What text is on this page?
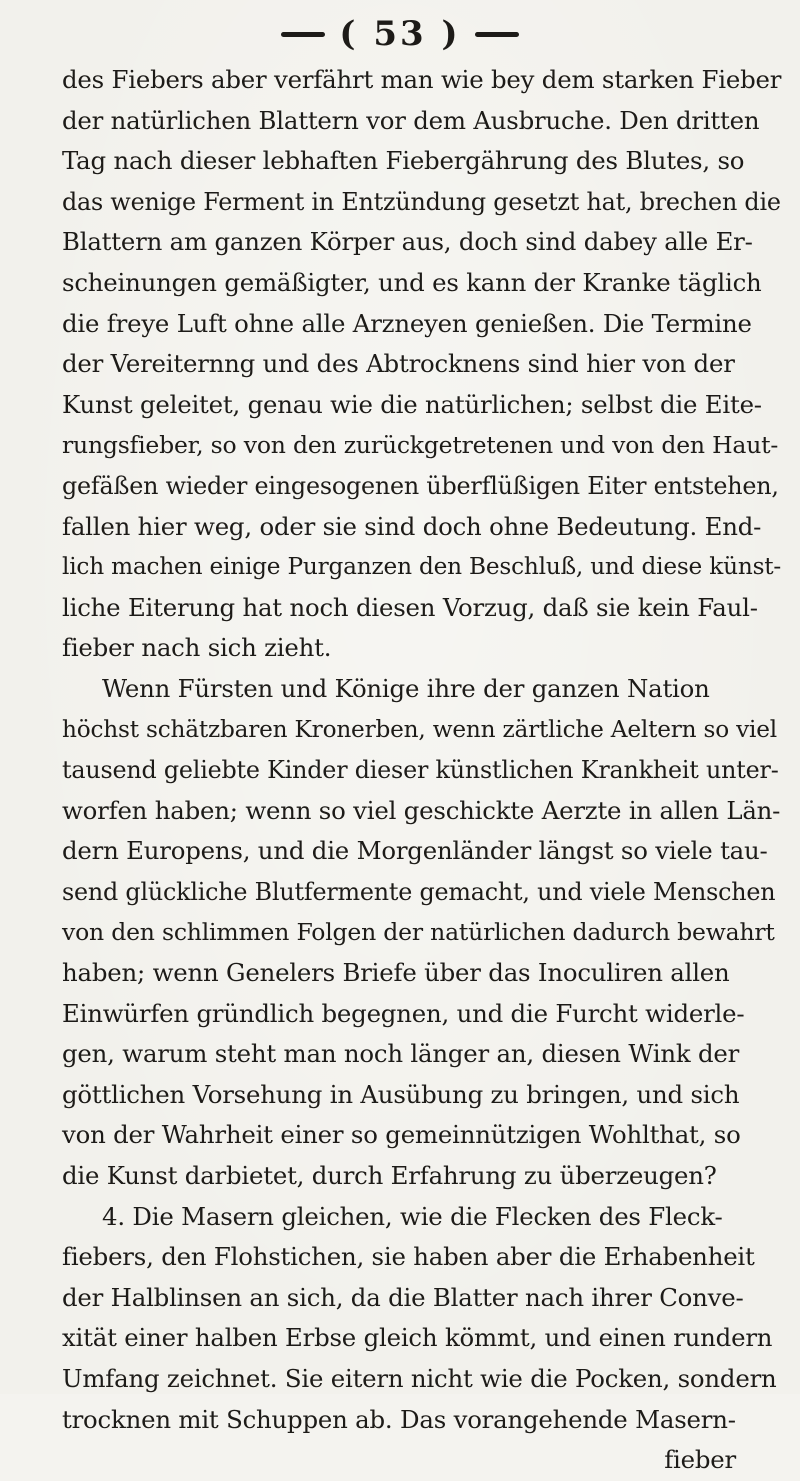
( 53 )
des Fiebers aber verfährt man wie bey dem starken Fieber
der natürlichen Blattern vor dem Ausbruche. Den dritten
Tag nach dieser lebhaften Fiebergährung des Blutes, so
das wenige Ferment in Entzündung gesetzt hat, brechen die
Blattern am ganzen Körper aus, doch sind dabey alle Er-
scheinungen gemäßigter, und es kann der Kranke täglich
die freye Luft ohne alle Arzneyen genießen. Die Termine
der Vereiternng und des Abtrocknens sind hier von der
Kunst geleitet, genau wie die natürlichen; selbst die Eite-
rungsfieber, so von den zurückgetretenen und von den Haut-
gefäßen wieder eingesogenen überflüßigen Eiter entstehen,
fallen hier weg, oder sie sind doch ohne Bedeutung. End-
lich machen einige Purganzen den Beschluß, und diese künst-
liche Eiterung hat noch diesen Vorzug, daß sie kein Faul-
fieber nach sich zieht.
Wenn Fürsten und Könige ihre der ganzen Nation
höchst schätzbaren Kronerben, wenn zärtliche Aeltern so viel
tausend geliebte Kinder dieser künstlichen Krankheit unter-
worfen haben; wenn so viel geschickte Aerzte in allen Län-
dern Europens, und die Morgenländer längst so viele tau-
send glückliche Blutfermente gemacht, und viele Menschen
von den schlimmen Folgen der natürlichen dadurch bewahrt
haben; wenn Genelers Briefe über das Inoculiren allen
Einwürfen gründlich begegnen, und die Furcht widerle-
gen, warum steht man noch länger an, diesen Wink der
göttlichen Vorsehung in Ausübung zu bringen, und sich
von der Wahrheit einer so gemeinnützigen Wohlthat, so
die Kunst darbietet, durch Erfahrung zu überzeugen?
4. Die Masern gleichen, wie die Flecken des Fleck-
fiebers, den Flohstichen, sie haben aber die Erhabenheit
der Halblinsen an sich, da die Blatter nach ihrer Conve-
xität einer halben Erbse gleich kömmt, und einen rundern
Umfang zeichnet. Sie eitern nicht wie die Pocken, sondern
trocknen mit Schuppen ab. Das vorangehende Masern-
fieber
